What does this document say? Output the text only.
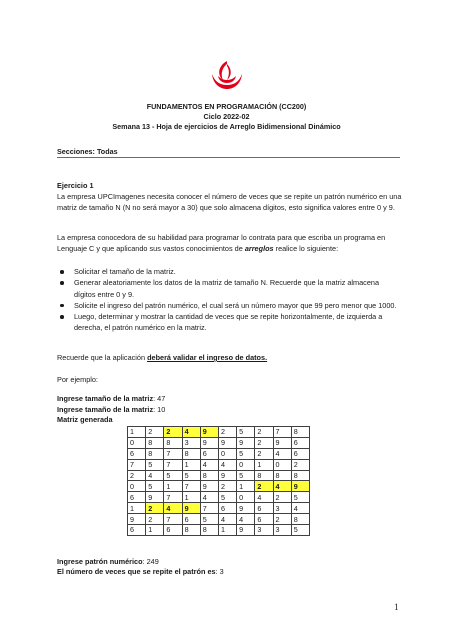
FUNDAMENTOS EN PROGRAMACIÓN (CC200)
Ciclo 2022-02
Semana 13 - Hoja de ejercicios de Arreglo Bidimensional Dinámico
Secciones: Todas
Ejercicio 1
La empresa UPCImagenes necesita conocer el número de veces que se repite un patrón numérico en una matriz de tamaño N (N no será mayor a 30) que solo almacena dígitos, esto significa valores entre 0 y 9.
La empresa conocedora de su habilidad para programar lo contrata para que escriba un programa en Lenguaje C y que aplicando sus vastos conocimientos de arreglos realice lo siguiente:
Solicitar el tamaño de la matriz.
Generar aleatoriamente los datos de la matriz de tamaño N. Recuerde que la matriz almacena dígitos entre 0 y 9.
Solicite el ingreso del patrón numérico, el cual será un número mayor que 99 pero menor que 1000.
Luego, determinar y mostrar la cantidad de veces que se repite horizontalmente, de izquierda a derecha, el patrón numérico en la matriz.
Recuerde que la aplicación deberá validar el ingreso de datos.
Por ejemplo:
Ingrese tamaño de la matriz: 47
Ingrese tamaño de la matriz: 10
Matriz generada
1	2	2	4	9	2	5	2	7	8
0	8	8	3	9	9	9	2	9	6
6	8	7	8	6	0	5	2	4	6
7	5	7	1	4	4	0	1	0	2
2	4	5	5	8	9	5	8	8	8
0	5	1	7	9	2	1	2	4	9
6	9	7	1	4	5	0	4	2	5
1	2	4	9	7	6	9	6	3	4
9	2	7	6	5	4	4	6	2	8
6	1	6	8	8	1	9	3	3	5
Ingrese patrón numérico: 249
El número de veces que se repite el patrón es: 3
1
